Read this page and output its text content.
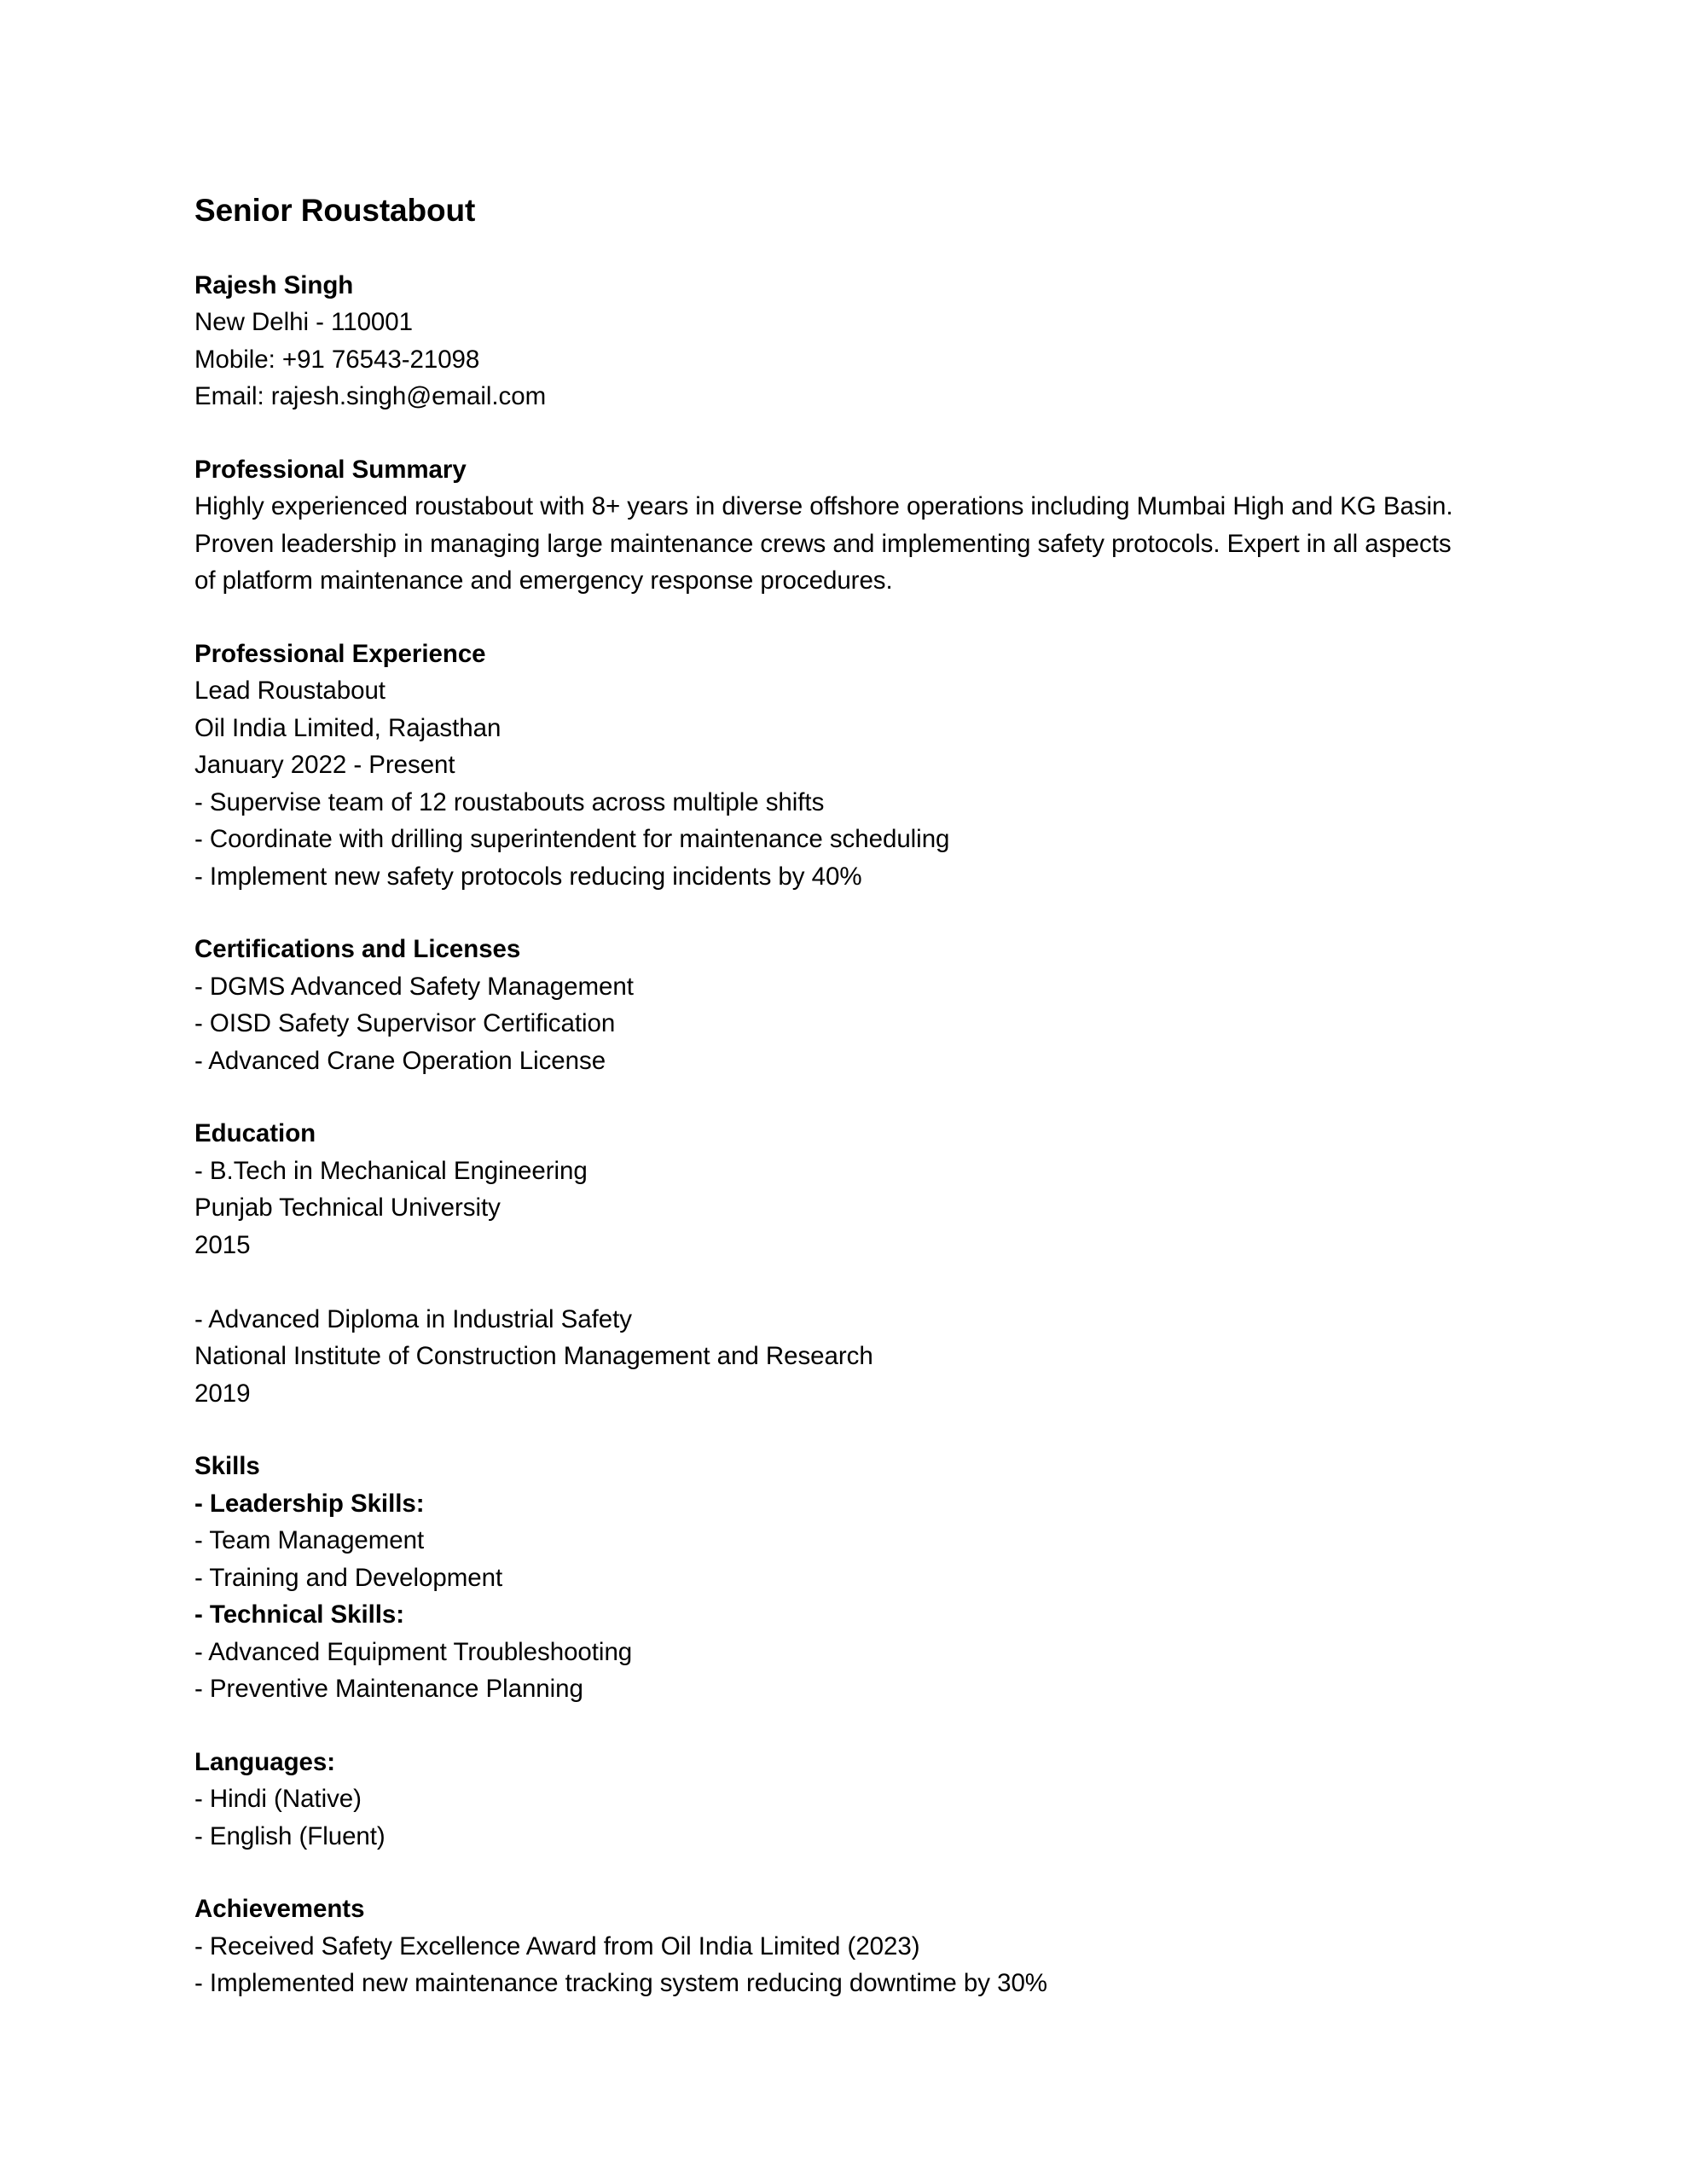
Senior Roustabout
Rajesh Singh
New Delhi - 110001
Mobile: +91 76543-21098
Email: rajesh.singh@email.com
Professional Summary
Highly experienced roustabout with 8+ years in diverse offshore operations including Mumbai High and KG Basin. Proven leadership in managing large maintenance crews and implementing safety protocols. Expert in all aspects of platform maintenance and emergency response procedures.
Professional Experience
Lead Roustabout
Oil India Limited, Rajasthan
January 2022 - Present
- Supervise team of 12 roustabouts across multiple shifts
- Coordinate with drilling superintendent for maintenance scheduling
- Implement new safety protocols reducing incidents by 40%
Certifications and Licenses
- DGMS Advanced Safety Management
- OISD Safety Supervisor Certification
- Advanced Crane Operation License
Education
- B.Tech in Mechanical Engineering
Punjab Technical University
2015
- Advanced Diploma in Industrial Safety
National Institute of Construction Management and Research
2019
Skills
- Leadership Skills:
- Team Management
- Training and Development
- Technical Skills:
- Advanced Equipment Troubleshooting
- Preventive Maintenance Planning
Languages:
- Hindi (Native)
- English (Fluent)
Achievements
- Received Safety Excellence Award from Oil India Limited (2023)
- Implemented new maintenance tracking system reducing downtime by 30%
